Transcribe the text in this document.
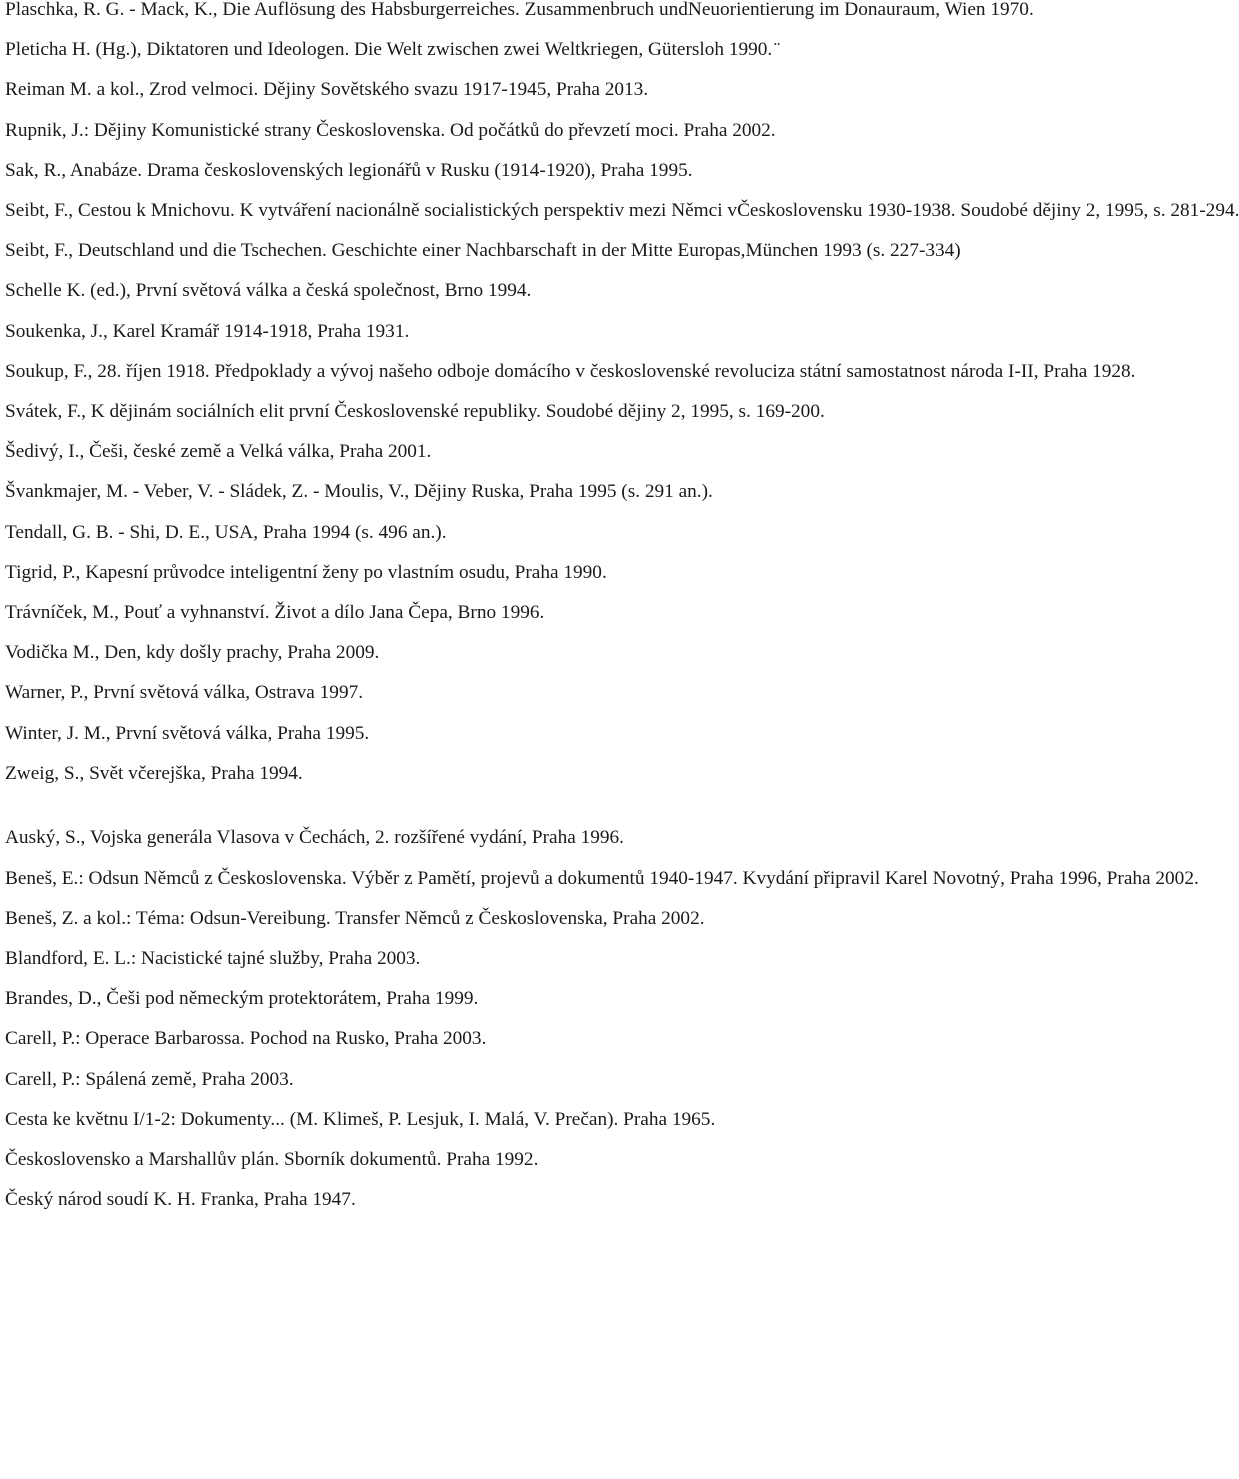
Plaschka, R. G. - Mack, K., Die Auflösung des Habsburgerreiches. Zusammenbruch undNeuorientierung im Donauraum, Wien 1970.
Pleticha H. (Hg.), Diktatoren und Ideologen. Die Welt zwischen zwei Weltkriegen, Gütersloh 1990. ̈
Reiman M. a kol., Zrod velmoci. Dějiny Sovětského svazu 1917-1945, Praha 2013.
Rupnik, J.: Dějiny Komunistické strany Československa. Od počátků do převzetí moci. Praha 2002.
Sak, R., Anabáze. Drama československých legionářů v Rusku (1914-1920), Praha 1995.
Seibt, F., Cestou k Mnichovu. K vytváření nacionálně socialistických perspektiv mezi Němci vČeskoslovensku 1930-1938. Soudobé dějiny 2, 1995, s. 281-294.
Seibt, F., Deutschland und die Tschechen. Geschichte einer Nachbarschaft in der Mitte Europas,München 1993 (s. 227-334)
Schelle K. (ed.), První světová válka a česká společnost, Brno 1994.
Soukenka, J., Karel Kramář 1914-1918, Praha 1931.
Soukup, F., 28. říjen 1918. Předpoklady a vývoj našeho odboje domácího v československé revoluciza státní samostatnost národa I-II, Praha 1928.
Svátek, F., K dějinám sociálních elit první Československé republiky. Soudobé dějiny 2, 1995, s. 169-200.
Šedivý, I., Češi, české země a Velká válka, Praha 2001.
Švankmajer, M. - Veber, V. - Sládek, Z. - Moulis, V., Dějiny Ruska, Praha 1995 (s. 291 an.).
Tendall, G. B. - Shi, D. E., USA, Praha 1994 (s. 496 an.).
Tigrid, P., Kapesní průvodce inteligentní ženy po vlastním osudu, Praha 1990.
Trávníček, M., Pouť a vyhnanství. Život a dílo Jana Čepa, Brno 1996.
Vodička M., Den, kdy došly prachy, Praha 2009.
Warner, P., První světová válka, Ostrava 1997.
Winter, J. M., První světová válka, Praha 1995.
Zweig, S., Svět včerejška, Praha 1994.
Auský, S., Vojska generála Vlasova v Čechách, 2. rozšířené vydání, Praha 1996.
Beneš, E.: Odsun Němců z Československa. Výběr z Pamětí, projevů a dokumentů 1940-1947. Kvydání připravil Karel Novotný, Praha 1996, Praha 2002.
Beneš, Z. a kol.: Téma: Odsun-Vereibung. Transfer Němců z Československa, Praha 2002.
Blandford, E. L.: Nacistické tajné služby, Praha 2003.
Brandes, D., Češi pod německým protektorátem, Praha 1999.
Carell, P.: Operace Barbarossa. Pochod na Rusko, Praha 2003.
Carell, P.: Spálená země, Praha 2003.
Cesta ke květnu I/1-2: Dokumenty... (M. Klimeš, P. Lesjuk, I. Malá, V. Prečan). Praha 1965.
Československo a Marshallův plán. Sborník dokumentů. Praha 1992.
Český národ soudí K. H. Franka, Praha 1947.
